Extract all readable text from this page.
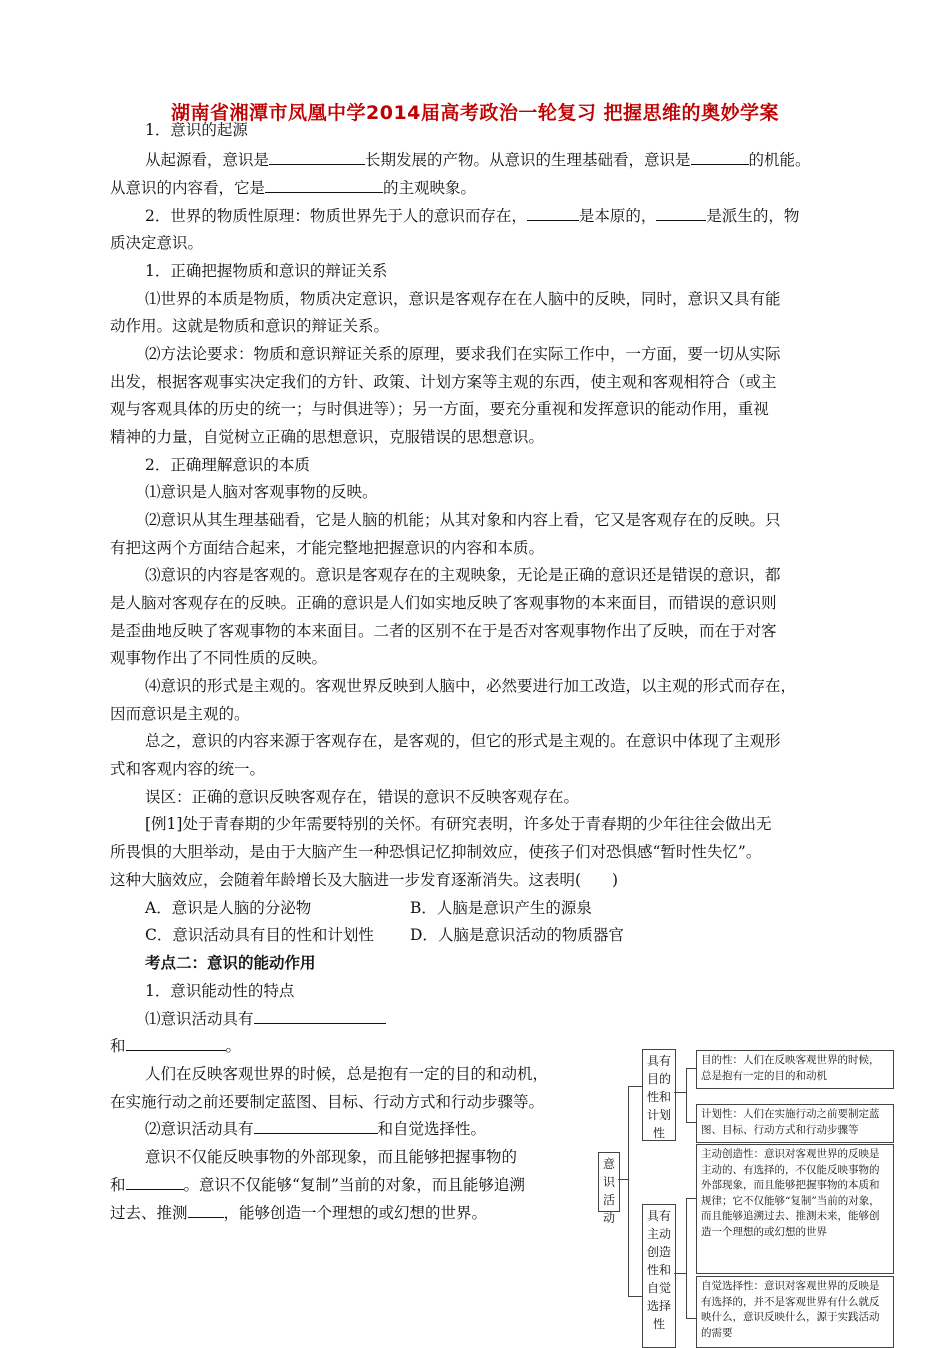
湖南省湘潭市凤凰中学2014届高考政治一轮复习 把握思维的奥妙学案
1．意识的起源
从起源看，意识是	长期发展的产物。从意识的生理基础看，意识是	的机能。
从意识的内容看，它是	的主观映象。
2．世界的物质性原理：物质世界先于人的意识而存在，	是本原的，	是派生的，物
质决定意识。
1．正确把握物质和意识的辩证关系
⑴世界的本质是物质，物质决定意识，意识是客观存在在人脑中的反映，同时，意识又具有能
动作用。这就是物质和意识的辩证关系。
⑵方法论要求：物质和意识辩证关系的原理，要求我们在实际工作中，一方面，要一切从实际
出发，根据客观事实决定我们的方针、政策、计划方案等主观的东西，使主观和客观相符合（或主
观与客观具体的历史的统一；与时俱进等）；另一方面，要充分重视和发挥意识的能动作用，重视
精神的力量，自觉树立正确的思想意识，克服错误的思想意识。
2．正确理解意识的本质
⑴意识是人脑对客观事物的反映。
⑵意识从其生理基础看，它是人脑的机能；从其对象和内容上看，它又是客观存在的反映。只
有把这两个方面结合起来，才能完整地把握意识的内容和本质。
⑶意识的内容是客观的。意识是客观存在的主观映象，无论是正确的意识还是错误的意识，都
是人脑对客观存在的反映。正确的意识是人们如实地反映了客观事物的本来面目，而错误的意识则
是歪曲地反映了客观事物的本来面目。二者的区别不在于是否对客观事物作出了反映，而在于对客
观事物作出了不同性质的反映。
⑷意识的形式是主观的。客观世界反映到人脑中，必然要进行加工改造，以主观的形式而存在，
因而意识是主观的。
总之，意识的内容来源于客观存在，是客观的，但它的形式是主观的。在意识中体现了主观形
式和客观内容的统一。
误区：正确的意识反映客观存在，错误的意识不反映客观存在。
[例1]处于青春期的少年需要特别的关怀。有研究表明，许多处于青春期的少年往往会做出无
所畏惧的大胆举动，是由于大脑产生一种恐惧记忆抑制效应，使孩子们对恐惧感“暂时性失忆”。
这种大脑效应，会随着年龄增长及大脑进一步发育逐渐消失。这表明(　　)
A．意识是人脑的分泌物	B．人脑是意识产生的源泉
C．意识活动具有目的性和计划性 D．人脑是意识活动的物质器官
考点二：意识的能动作用
1．意识能动性的特点
⑴意识活动具有
和	。
人们在反映客观世界的时候，总是抱有一定的目的和动机，
在实施行动之前还要制定蓝图、目标、行动方式和行动步骤等。
⑵意识活动具有	和自觉选择性。
意识不仅能反映事物的外部现象，而且能够把握事物的
和	。意识不仅能够“复制”当前的对象，而且能够追溯
过去、推测 ，能够创造一个理想的或幻想的世界。
意识活动
具有目的性和计划性
目的性：人们在反映客观世界的时候，总是抱有一定的目的和动机
计划性：人们在实施行动之前要制定蓝图、目标、行动方式和行动步骤等
具有主动创造性和自觉选择性
主动创造性：意识对客观世界的反映是主动的、有选择的，不仅能反映事物的外部现象，而且能够把握事物的本质和规律；它不仅能够“复制”当前的对象，而且能够追溯过去、推测未来，能够创造一个理想的或幻想的世界
自觉选择性：意识对客观世界的反映是有选择的，并不是客观世界有什么就反映什么，意识反映什么，源于实践活动的需要
